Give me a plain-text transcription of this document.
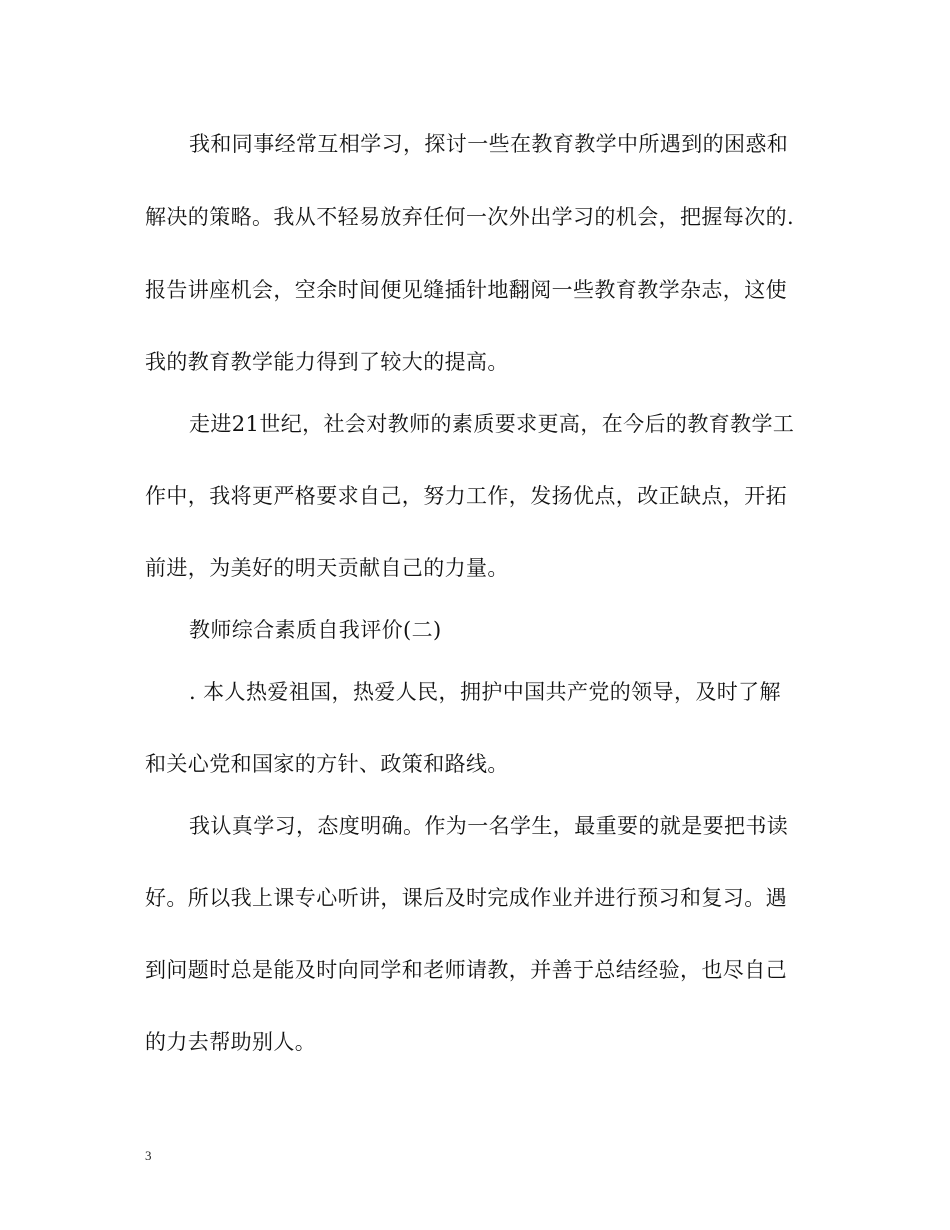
我和同事经常互相学习，探讨一些在教育教学中所遇到的困惑和
解决的策略。我从不轻易放弃任何一次外出学习的机会，把握每次的.
报告讲座机会，空余时间便见缝插针地翻阅一些教育教学杂志，这使
我的教育教学能力得到了较大的提高。
走进21世纪，社会对教师的素质要求更高，在今后的教育教学工
作中，我将更严格要求自己，努力工作，发扬优点，改正缺点，开拓
前进，为美好的明天贡献自己的力量。
教师综合素质自我评价(二)
. 本人热爱祖国，热爱人民，拥护中国共产党的领导，及时了解
和关心党和国家的方针、政策和路线。
我认真学习，态度明确。作为一名学生，最重要的就是要把书读
好。所以我上课专心听讲，课后及时完成作业并进行预习和复习。遇
到问题时总是能及时向同学和老师请教，并善于总结经验，也尽自己
的力去帮助别人。
3
